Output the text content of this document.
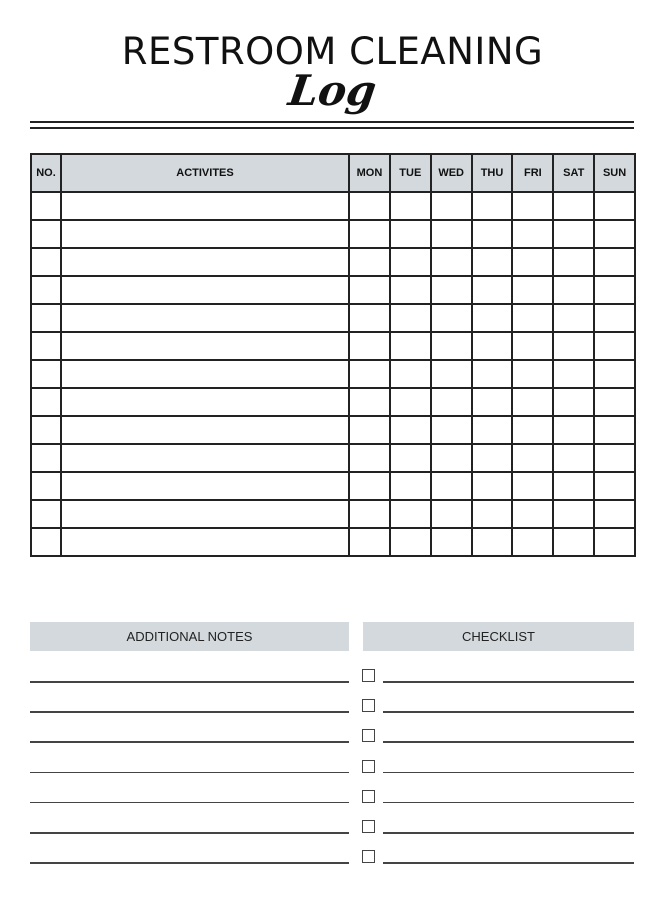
RESTROOM CLEANING
Log
NO.	ACTIVITES	MON	TUE	WED	THU	FRI	SAT	SUN

ADDITIONAL NOTES	CHECKLIST
